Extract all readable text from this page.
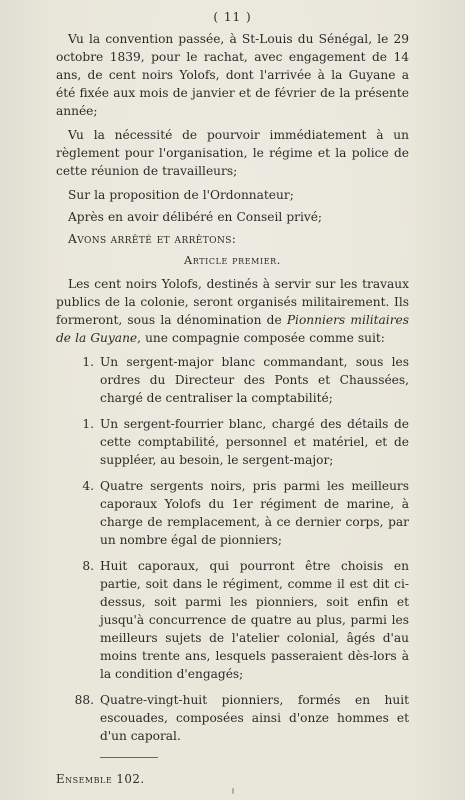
( 11 )

Vu la convention passée, à St-Louis du Sénégal, le 29 octobre 1839, pour le rachat, avec engagement de 14 ans, de cent noirs Yolofs, dont l'arrivée à la Guyane a été fixée aux mois de janvier et de février de la présente année;

Vu la nécessité de pourvoir immédiatement à un règlement pour l'organisation, le régime et la police de cette réunion de travailleurs;

Sur la proposition de l'Ordonnateur;

Après en avoir délibéré en Conseil privé;

Avons arrêté et arrêtons:

Article premier.

Les cent noirs Yolofs, destinés à servir sur les travaux publics de la colonie, seront organisés militairement. Ils formeront, sous la dénomination de Pionniers militaires de la Guyane, une compagnie composée comme suit:

1. Un sergent-major blanc commandant, sous les ordres du Directeur des Ponts et Chaussées, chargé de centraliser la comptabilité;
1. Un sergent-fourrier blanc, chargé des détails de cette comptabilité, personnel et matériel, et de suppléer, au besoin, le sergent-major;
4. Quatre sergents noirs, pris parmi les meilleurs caporaux Yolofs du 1er régiment de marine, à charge de remplacement, à ce dernier corps, par un nombre égal de pionniers;
8. Huit caporaux, qui pourront être choisis en partie, soit dans le régiment, comme il est dit ci-dessus, soit parmi les pionniers, soit enfin et jusqu'à concurrence de quatre au plus, parmi les meilleurs sujets de l'atelier colonial, âgés d'au moins trente ans, lesquels passeraient dès-lors à la condition d'engagés;
88. Quatre-vingt-huit pionniers, formés en huit escouades, composées ainsi d'onze hommes et d'un caporal.
Ensemble 102.
